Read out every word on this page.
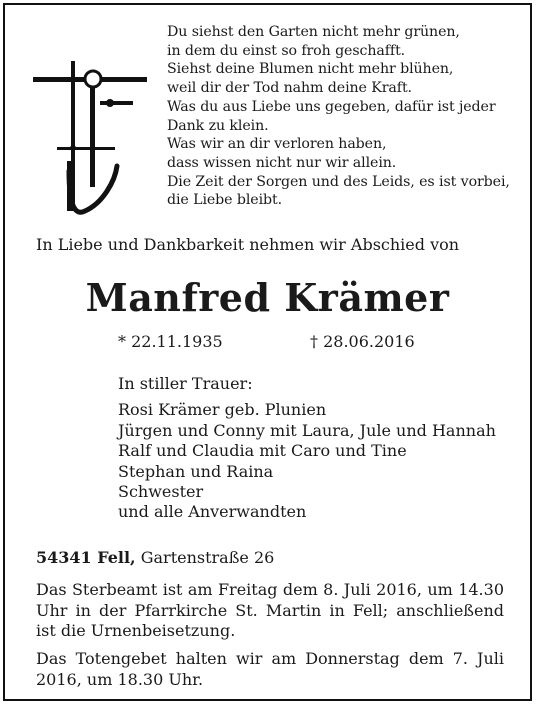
Du siehst den Garten nicht mehr grünen,
in dem du einst so froh geschafft.
Siehst deine Blumen nicht mehr blühen,
weil dir der Tod nahm deine Kraft.
Was du aus Liebe uns gegeben, dafür ist jeder
Dank zu klein.
Was wir an dir verloren haben,
dass wissen nicht nur wir allein.
Die Zeit der Sorgen und des Leids, es ist vorbei,
die Liebe bleibt.
In Liebe und Dankbarkeit nehmen wir Abschied von
Manfred Krämer
* 22.11.1935	† 28.06.2016
In stiller Trauer:
Rosi Krämer geb. Plunien
Jürgen und Conny mit Laura, Jule und Hannah
Ralf und Claudia mit Caro und Tine
Stephan und Raina
Schwester
und alle Anverwandten
54341 Fell, Gartenstraße 26
Das Sterbeamt ist am Freitag dem 8. Juli 2016, um 14.30 Uhr in der Pfarrkirche St. Martin in Fell; anschließend ist die Urnenbeisetzung.
Das Totengebet halten wir am Donnerstag dem 7. Juli 2016, um 18.30 Uhr.
